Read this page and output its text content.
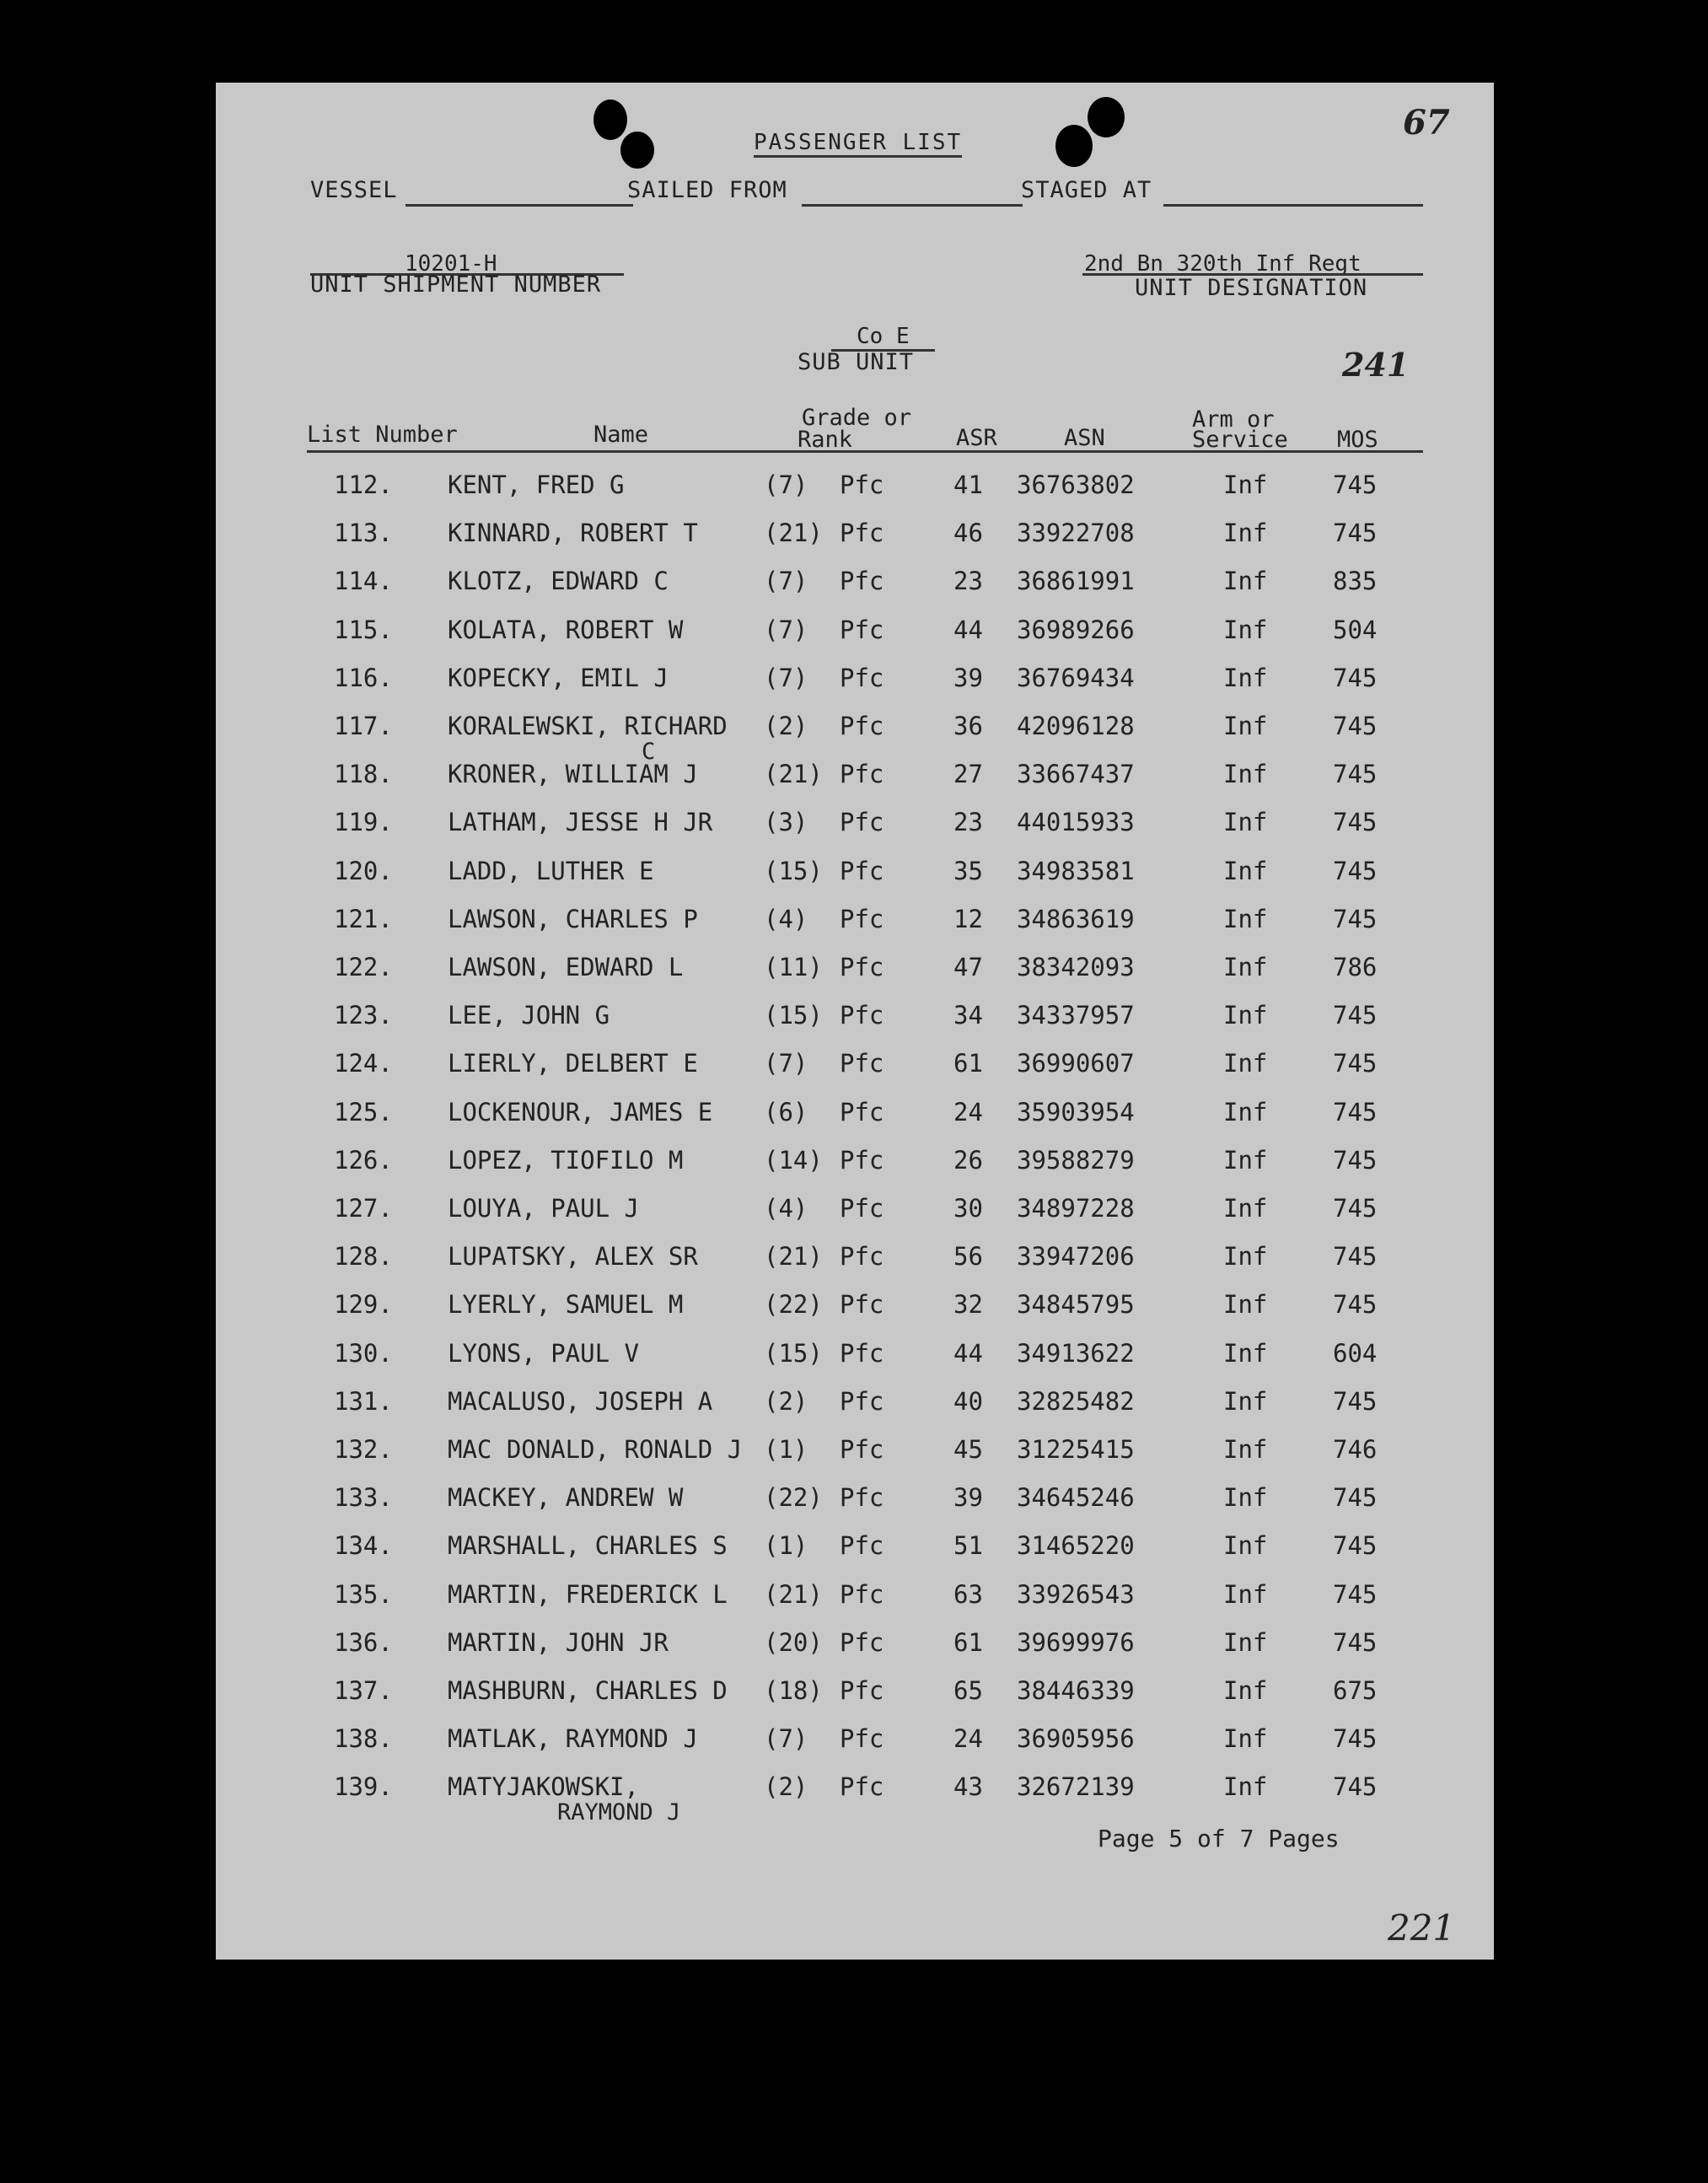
67
PASSENGER LIST
VESSEL	SAILED FROM	STAGED AT
10201-H
UNIT SHIPMENT NUMBER
2nd Bn 320th Inf Regt
UNIT DESIGNATION
Co E
SUB UNIT	241
List Number	Name
Grade or
Rank	ASR	ASN
Arm or
Service MOS
112. KENT, FRED G	(7) Pfc	41 36763802	Inf	745
113. KINNARD, ROBERT T	(21) Pfc	46 33922708	Inf	745
114. KLOTZ, EDWARD C	(7) Pfc	23 36861991	Inf	835
115. KOLATA, ROBERT W	(7) Pfc	44 36989266	Inf	504
116. KOPECKY, EMIL J	(7) Pfc	39 36769434	Inf	745
117. KORALEWSKI, RICHARD (2) Pfc	36 42096128	Inf	745
C
118. KRONER, WILLIAM J	(21) Pfc	27 33667437	Inf	745
119. LATHAM, JESSE H JR (3) Pfc	23 44015933	Inf	745
120. LADD, LUTHER E	(15) Pfc	35 34983581	Inf	745
121. LAWSON, CHARLES P	(4) Pfc	12 34863619	Inf	745
122. LAWSON, EDWARD L	(11) Pfc	47 38342093	Inf	786
123. LEE, JOHN G	(15) Pfc	34 34337957	Inf	745
124. LIERLY, DELBERT E	(7) Pfc	61 36990607	Inf	745
125. LOCKENOUR, JAMES E (6) Pfc	24 35903954	Inf	745
126. LOPEZ, TIOFILO M	(14) Pfc	26 39588279	Inf	745
127. LOUYA, PAUL J	(4) Pfc	30 34897228	Inf	745
128. LUPATSKY, ALEX SR	(21) Pfc	56 33947206	Inf	745
129. LYERLY, SAMUEL M	(22) Pfc	32 34845795	Inf	745
130. LYONS, PAUL V	(15) Pfc	44 34913622	Inf	604
131. MACALUSO, JOSEPH A (2) Pfc	40 32825482	Inf	745
132. MAC DONALD, RONALD J (1) Pfc	45 31225415	Inf	746
133. MACKEY, ANDREW W	(22) Pfc	39 34645246	Inf	745
134. MARSHALL, CHARLES S (1) Pfc	51 31465220	Inf	745
135. MARTIN, FREDERICK L (21) Pfc	63 33926543	Inf	745
136. MARTIN, JOHN JR	(20) Pfc	61 39699976	Inf	745
137. MASHBURN, CHARLES D (18) Pfc	65 38446339	Inf	675
138. MATLAK, RAYMOND J	(7) Pfc	24 36905956	Inf	745
139. MATYJAKOWSKI,	(2) Pfc	43 32672139	Inf	745
RAYMOND J
Page 5 of 7 Pages
221
